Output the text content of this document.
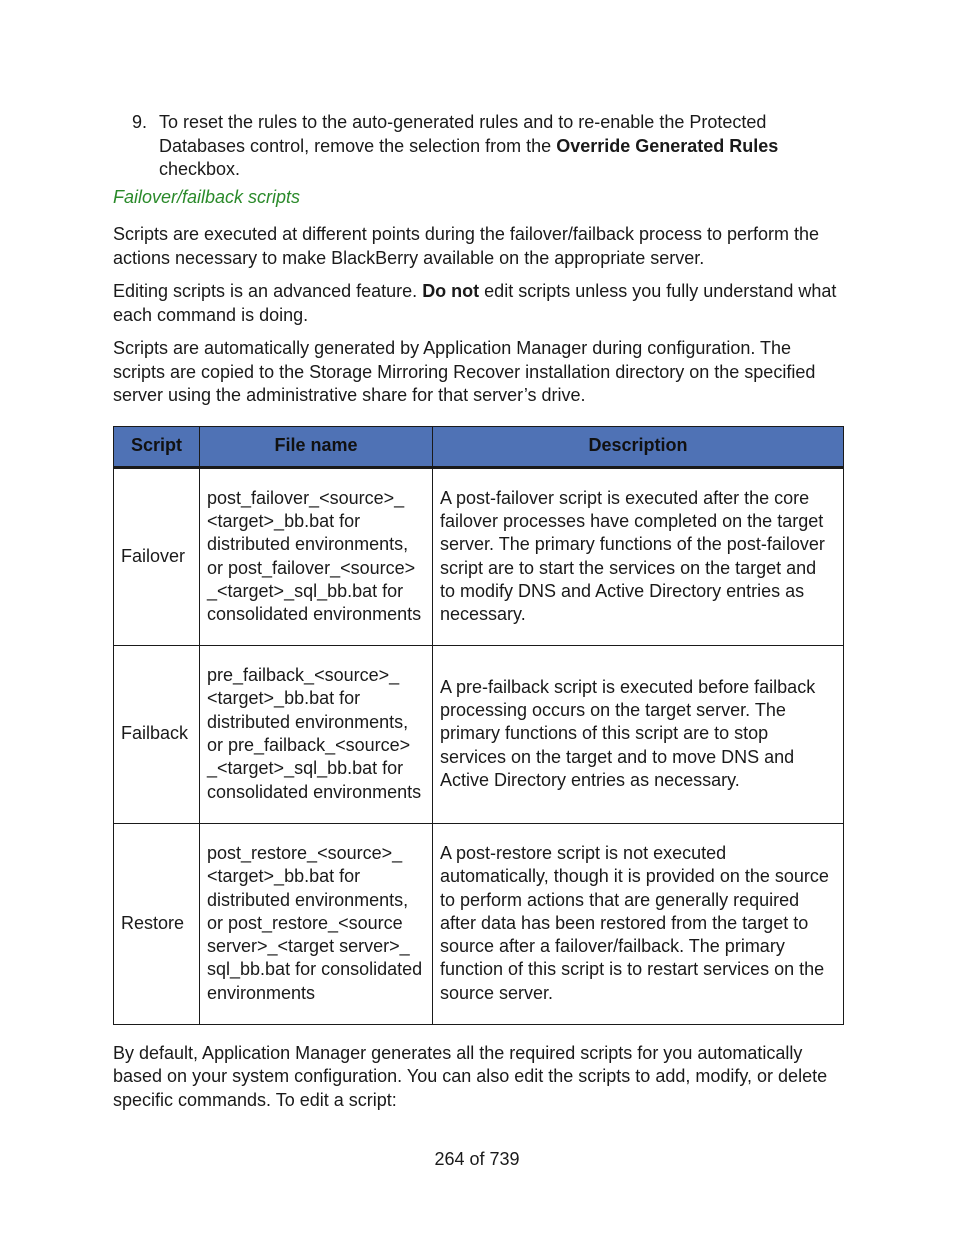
9. To reset the rules to the auto-generated rules and to re-enable the Protected Databases control, remove the selection from the Override Generated Rules checkbox.
Failover/failback scripts

Scripts are executed at different points during the failover/failback process to perform the actions necessary to make BlackBerry available on the appropriate server.

Editing scripts is an advanced feature. Do not edit scripts unless you fully understand what each command is doing.

Scripts are automatically generated by Application Manager during configuration. The scripts are copied to the Storage Mirroring Recover installation directory on the specified server using the administrative share for that server’s drive.

Script	File name	Description
Failover	post_failover_<source>_ <target>_bb.bat for distributed environments, or post_failover_<source> _<target>_sql_bb.bat for consolidated environments	A post-failover script is executed after the core failover processes have completed on the target server. The primary functions of the post-failover script are to start the services on the target and to modify DNS and Active Directory entries as necessary.
Failback	pre_failback_<source>_ <target>_bb.bat for distributed environments, or pre_failback_<source> _<target>_sql_bb.bat for consolidated environments	A pre-failback script is executed before failback processing occurs on the target server. The primary functions of this script are to stop services on the target and to move DNS and Active Directory entries as necessary.
Restore	post_restore_<source>_ <target>_bb.bat for distributed environments, or post_restore_<source server>_<target server>_ sql_bb.bat for consolidated environments	A post-restore script is not executed automatically, though it is provided on the source to perform actions that are generally required after data has been restored from the target to source after a failover/failback. The primary function of this script is to restart services on the source server.

By default, Application Manager generates all the required scripts for you automatically based on your system configuration. You can also edit the scripts to add, modify, or delete specific commands. To edit a script:

264 of 739
